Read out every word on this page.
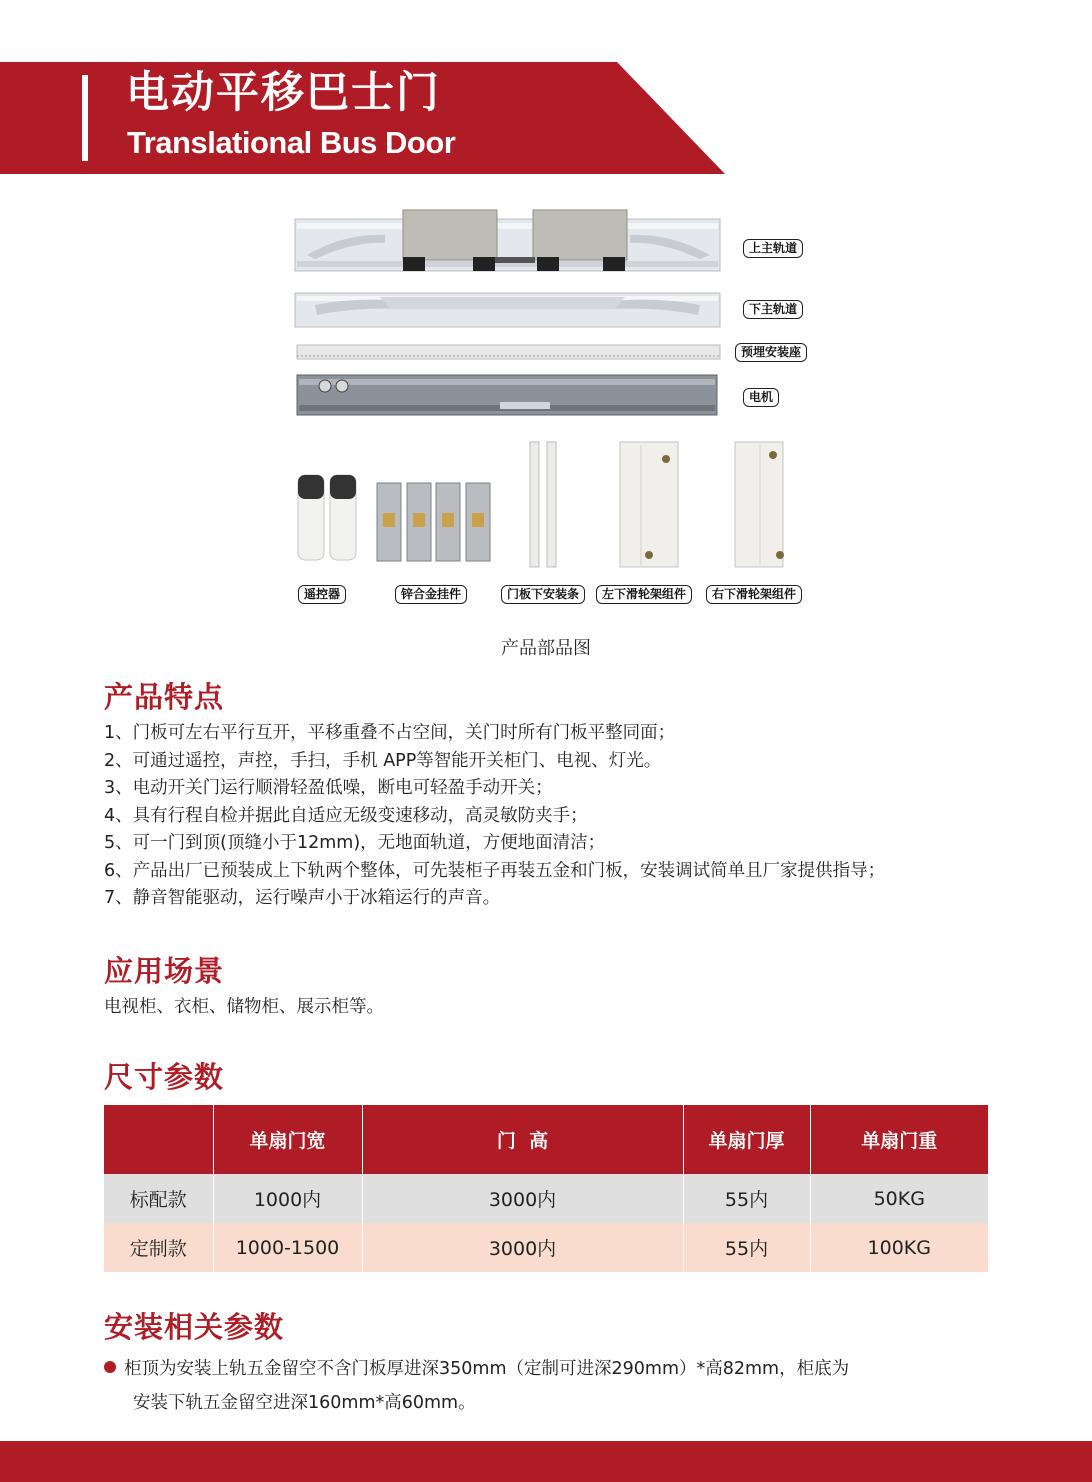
电动平移巴士门
Translational Bus Door
上主轨道
下主轨道
预埋安装座
电机
遥控器	锌合金挂件	门板下安装条	左下滑轮架组件	右下滑轮架组件
产品部品图
产品特点
1、门板可左右平行互开，平移重叠不占空间，关门时所有门板平整同面；
2、可通过遥控，声控，手扫，手机 APP等智能开关柜门、电视、灯光。
3、电动开关门运行顺滑轻盈低噪，断电可轻盈手动开关；
4、具有行程自检并据此自适应无级变速移动，高灵敏防夹手；
5、可一门到顶(顶缝小于12mm)，无地面轨道，方便地面清洁；
6、产品出厂已预装成上下轨两个整体，可先装柜子再装五金和门板，安装调试简单且厂家提供指导；
7、静音智能驱动，运行噪声小于冰箱运行的声音。
应用场景
电视柜、衣柜、储物柜、展示柜等。
尺寸参数
	单扇门宽	门  高	单扇门厚	单扇门重
标配款	1000内	3000内	55内	50KG
定制款	1000-1500	3000内	55内	100KG
安装相关参数
柜顶为安装上轨五金留空不含门板厚进深350mm（定制可进深290mm）*高82mm，柜底为
安装下轨五金留空进深160mm*高60mm。
